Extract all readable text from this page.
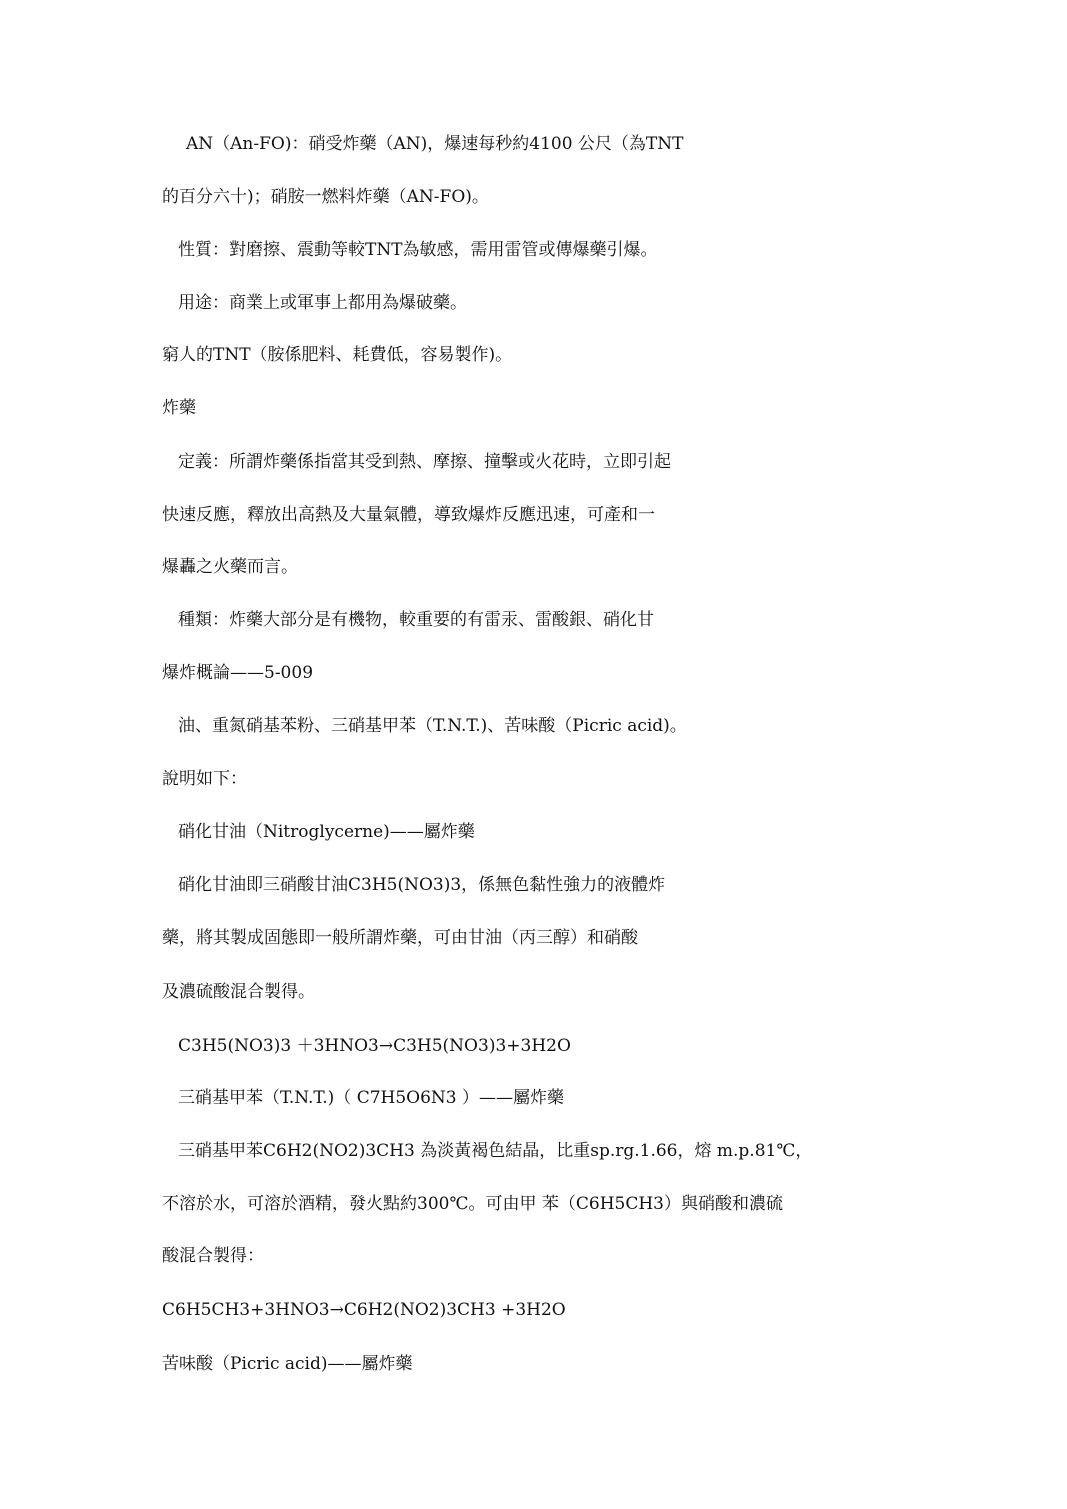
AN（An-FO)：硝受炸藥（AN)，爆速每秒約4100 公尺（為TNT
的百分六十)；硝胺一燃料炸藥（AN-FO)。
性質：對磨擦、震動等較TNT為敏感，需用雷管或傳爆藥引爆。
用途：商業上或軍事上都用為爆破藥。
窮人的TNT（胺係肥料、耗費低，容易製作)。
炸藥
定義：所謂炸藥係指當其受到熱、摩擦、撞擊或火花時，立即引起
快速反應，釋放出高熱及大量氣體，導致爆炸反應迅速，可產和一
爆轟之火藥而言。
種類：炸藥大部分是有機物，較重要的有雷汞、雷酸銀、硝化甘
爆炸概論——5-009
油、重氮硝基苯粉、三硝基甲苯（T.N.T.)、苦味酸（Picric acid)。
說明如下：
硝化甘油（Nitroglycerne)——屬炸藥
硝化甘油即三硝酸甘油C3H5(NO3)3，係無色黏性強力的液體炸
藥，將其製成固態即一般所謂炸藥，可由甘油（丙三醇）和硝酸
及濃硫酸混合製得。
C3H5(NO3)3 ＋3HNO3→C3H5(NO3)3+3H2O
三硝基甲苯（T.N.T.)（ C7H5O6N3 ）——屬炸藥
三硝基甲苯C6H2(NO2)3CH3 為淡黃褐色結晶，比重sp.rg.1.66，熔 m.p.81℃，
不溶於水，可溶於酒精，發火點約300℃。可由甲 苯（C6H5CH3）與硝酸和濃硫
酸混合製得：
C6H5CH3+3HNO3→C6H2(NO2)3CH3 +3H2O
苦味酸（Picric acid)——屬炸藥
